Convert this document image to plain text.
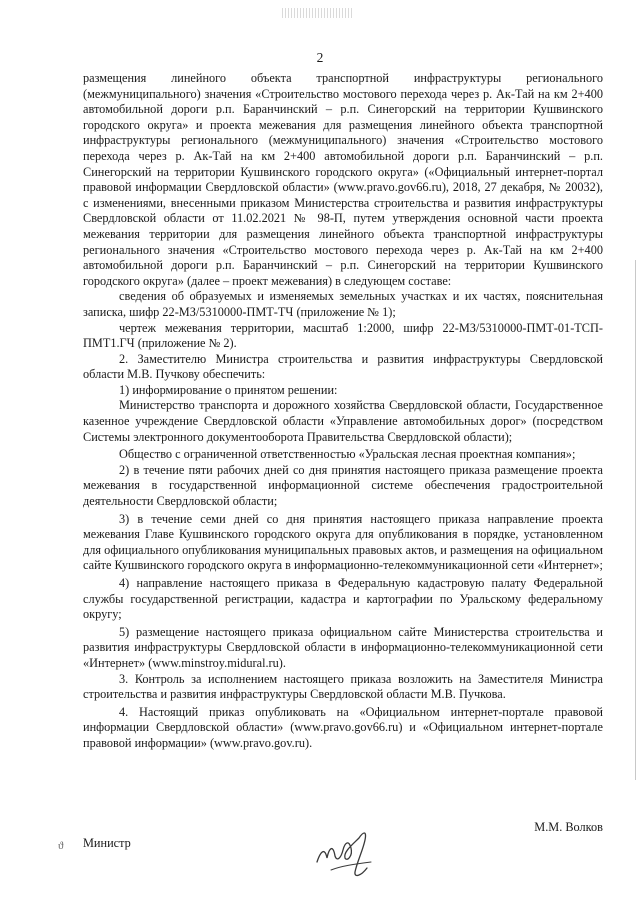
2

размещения линейного объекта транспортной инфраструктуры регионального (межмуниципального) значения «Строительство мостового перехода через р. Ак-Тай на км 2+400 автомобильной дороги р.п. Баранчинский – р.п. Синегорский на территории Кушвинского городского округа» и проекта межевания для размещения линейного объекта транспортной инфраструктуры регионального (межмуниципального) значения «Строительство мостового перехода через р. Ак-Тай на км 2+400 автомобильной дороги р.п. Баранчинский – р.п. Синегорский на территории Кушвинского городского округа» («Официальный интернет-портал правовой информации Свердловской области» (www.pravo.gov66.ru), 2018, 27 декабря, № 20032), с изменениями, внесенными приказом Министерства строительства и развития инфраструктуры Свердловской области от 11.02.2021 № 98-П, путем утверждения основной части проекта межевания территории для размещения линейного объекта транспортной инфраструктуры регионального значения «Строительство мостового перехода через р. Ак-Тай на км 2+400 автомобильной дороги р.п. Баранчинский – р.п. Синегорский на территории Кушвинского городского округа» (далее – проект межевания) в следующем составе:

сведения об образуемых и изменяемых земельных участках и их частях, пояснительная записка, шифр 22-МЗ/5310000-ПМТ-ТЧ (приложение № 1);

чертеж межевания территории, масштаб 1:2000, шифр 22-МЗ/5310000-ПМТ-01-ТСП-ПМТ1.ГЧ (приложение № 2).

2. Заместителю Министра строительства и развития инфраструктуры Свердловской области М.В. Пучкову обеспечить:

1) информирование о принятом решении:

Министерство транспорта и дорожного хозяйства Свердловской области, Государственное казенное учреждение Свердловской области «Управление автомобильных дорог» (посредством Системы электронного документооборота Правительства Свердловской области);

Общество с ограниченной ответственностью «Уральская лесная проектная компания»;

2) в течение пяти рабочих дней со дня принятия настоящего приказа размещение проекта межевания в государственной информационной системе обеспечения градостроительной деятельности Свердловской области;

3) в течение семи дней со дня принятия настоящего приказа направление проекта межевания Главе Кушвинского городского округа для опубликования в порядке, установленном для официального опубликования муниципальных правовых актов, и размещения на официальном сайте Кушвинского городского округа в информационно-телекоммуникационной сети «Интернет»;

4) направление настоящего приказа в Федеральную кадастровую палату Федеральной службы государственной регистрации, кадастра и картографии по Уральскому федеральному округу;

5) размещение настоящего приказа официальном сайте Министерства строительства и развития инфраструктуры Свердловской области в информационно-телекоммуникационной сети «Интернет» (www.minstroy.midural.ru).

3. Контроль за исполнением настоящего приказа возложить на Заместителя Министра строительства и развития инфраструктуры Свердловской области М.В. Пучкова.

4. Настоящий приказ опубликовать на «Официальном интернет-портале правовой информации Свердловской области» (www.pravo.gov66.ru) и «Официальном интернет-портале правовой информации» (www.pravo.gov.ru).

ϑ Министр
М.М. Волков
